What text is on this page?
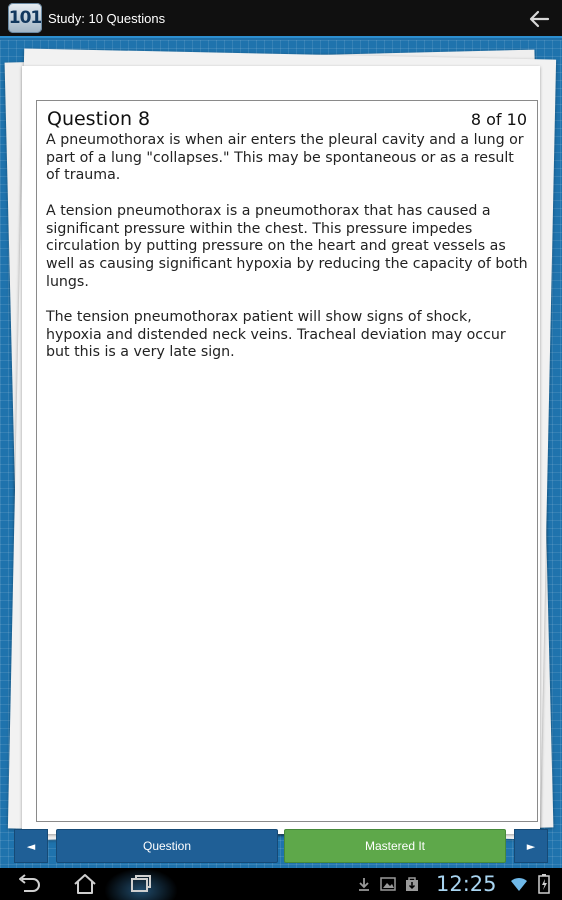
101 Study: 10 Questions
Question 8	8 of 10

A pneumothorax is when air enters the pleural cavity and a lung or part of a lung "collapses." This may be spontaneous or as a result of trauma.

A tension pneumothorax is a pneumothorax that has caused a significant pressure within the chest. This pressure impedes circulation by putting pressure on the heart and great vessels as well as causing significant hypoxia by reducing the capacity of both lungs.

The tension pneumothorax patient will show signs of shock, hypoxia and distended neck veins. Tracheal deviation may occur but this is a very late sign.

◄	Question	Mastered It	►
12:25
